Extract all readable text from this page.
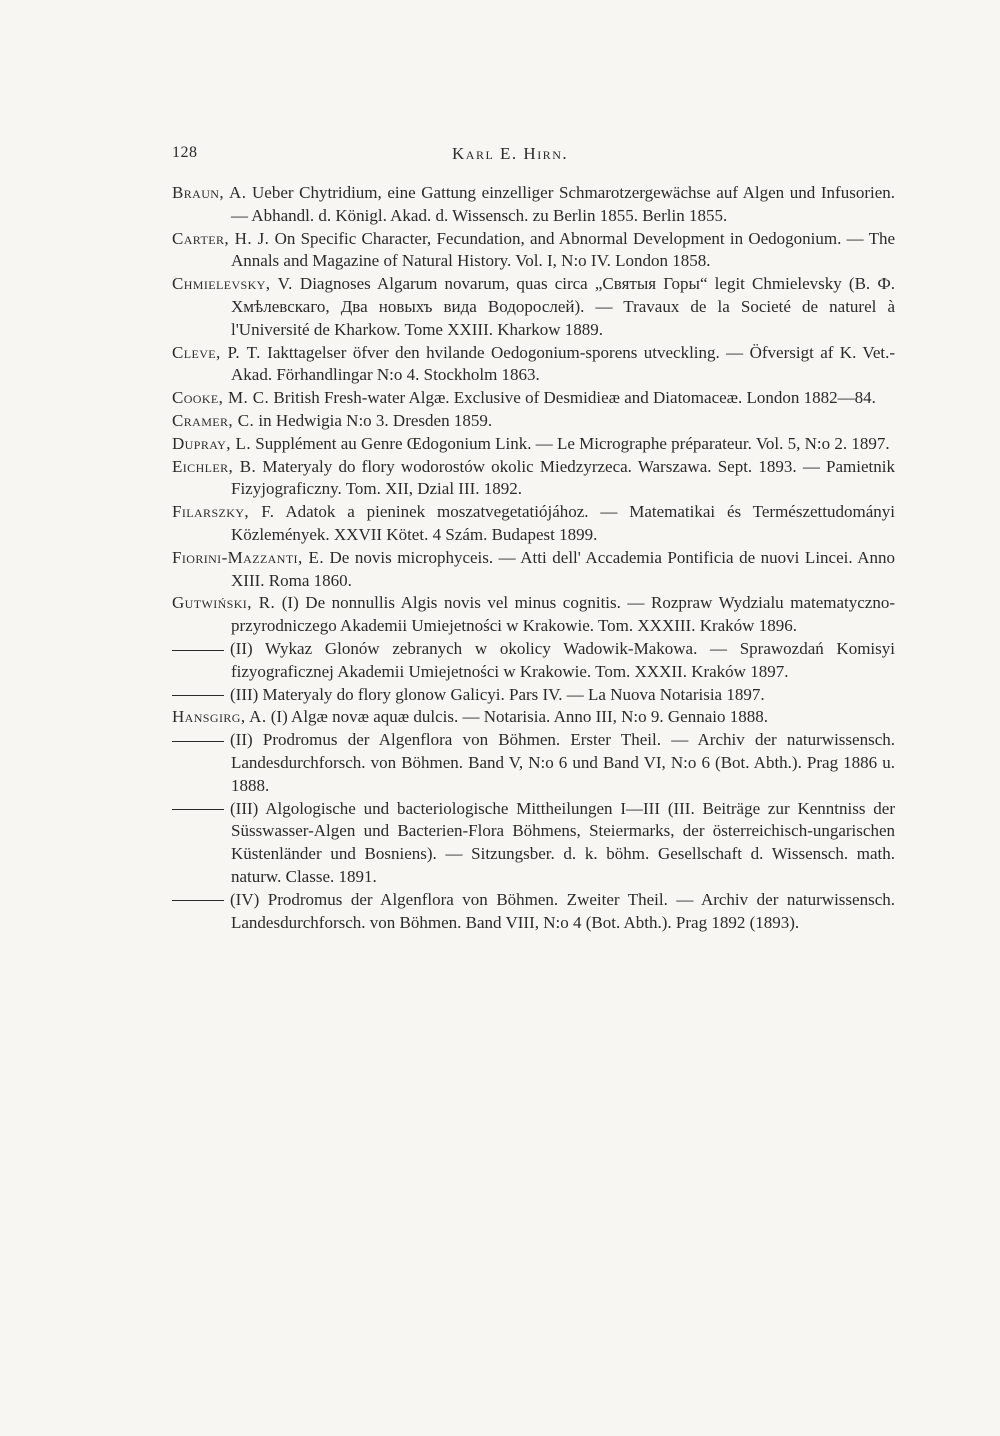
128	Karl E. Hirn.

Braun, A. Ueber Chytridium, eine Gattung einzelliger Schmarotzergewächse auf Algen und Infusorien. — Abhandl. d. Königl. Akad. d. Wissensch. zu Berlin 1855. Berlin 1855.

Carter, H. J. On Specific Character, Fecundation, and Abnormal Development in Oedogonium. — The Annals and Magazine of Natural History. Vol. I, N:o IV. London 1858.

Chmielevsky, V. Diagnoses Algarum novarum, quas circa „Святыя Горы“ legit Chmielevsky (В. Ф. Хмѣлевскаго, Два новыхъ вида Водорослей). — Travaux de la Societé de naturel à l'Université de Kharkow. Tome XXIII. Kharkow 1889.

Cleve, P. T. Iakttagelser öfver den hvilande Oedogonium-sporens utveckling. — Öfversigt af K. Vet.-Akad. Förhandlingar N:o 4. Stockholm 1863.

Cooke, M. C. British Fresh-water Algæ. Exclusive of Desmidieæ and Diatomaceæ. London 1882—84.

Cramer, C. in Hedwigia N:o 3. Dresden 1859.

Dupray, L. Supplément au Genre Œdogonium Link. — Le Micrographe préparateur. Vol. 5, N:o 2. 1897.

Eichler, B. Materyaly do flory wodorostów okolic Miedzyrzeca. Warszawa. Sept. 1893. — Pamietnik Fizyjograficzny. Tom. XII, Dzial III. 1892.

Filarszky, F. Adatok a pieninek moszatvegetatiójához. — Matematikai és Természettudományi Közlemények. XXVII Kötet. 4 Szám. Budapest 1899.

Fiorini-Mazzanti, E. De novis microphyceis. — Atti dell' Accademia Pontificia de nuovi Lincei. Anno XIII. Roma 1860.

Gutwiński, R. (I) De nonnullis Algis novis vel minus cognitis. — Rozpraw Wydzialu matematyczno-przyrodniczego Akademii Umiejetności w Krakowie. Tom. XXXIII. Kraków 1896.

(II) Wykaz Glonów zebranych w okolicy Wadowik-Makowa. — Sprawozdań Komisyi fizyograficznej Akademii Umiejetności w Krakowie. Tom. XXXII. Kraków 1897.

(III) Materyaly do flory glonow Galicyi. Pars IV. — La Nuova Notarisia 1897.

Hansgirg, A. (I) Algæ novæ aquæ dulcis. — Notarisia. Anno III, N:o 9. Gennaio 1888.

(II) Prodromus der Algenflora von Böhmen. Erster Theil. — Archiv der naturwissensch. Landesdurchforsch. von Böhmen. Band V, N:o 6 und Band VI, N:o 6 (Bot. Abth.). Prag 1886 u. 1888.

(III) Algologische und bacteriologische Mittheilungen I—III (III. Beiträge zur Kenntniss der Süsswasser-Algen und Bacterien-Flora Böhmens, Steiermarks, der österreichisch-ungarischen Küstenländer und Bosniens). — Sitzungsber. d. k. böhm. Gesellschaft d. Wissensch. math. naturw. Classe. 1891.

(IV) Prodromus der Algenflora von Böhmen. Zweiter Theil. — Archiv der naturwissensch. Landesdurchforsch. von Böhmen. Band VIII, N:o 4 (Bot. Abth.). Prag 1892 (1893).
